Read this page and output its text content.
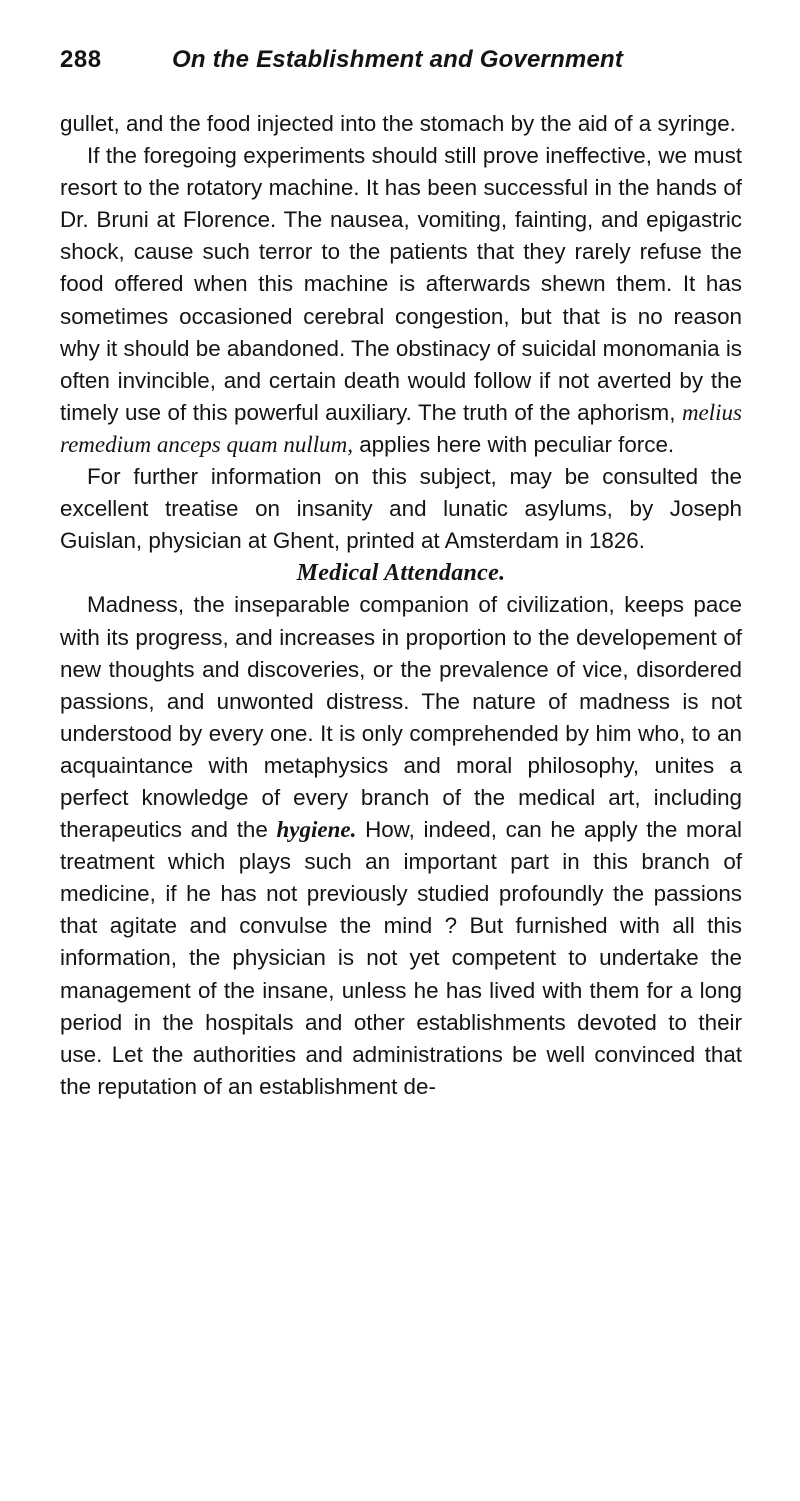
288	On the Establishment and Government

gullet, and the food injected into the stomach by the aid of a syringe.

If the foregoing experiments should still prove ineffective, we must resort to the rotatory machine. It has been successful in the hands of Dr. Bruni at Florence. The nausea, vomiting, fainting, and epigastric shock, cause such terror to the patients that they rarely refuse the food offered when this machine is afterwards shewn them. It has sometimes occasioned cerebral congestion, but that is no reason why it should be abandoned. The obstinacy of suicidal monomania is often invincible, and certain death would follow if not averted by the timely use of this powerful auxiliary. The truth of the aphorism, melius remedium anceps quam nullum, applies here with peculiar force.

For further information on this subject, may be consulted the excellent treatise on insanity and lunatic asylums, by Joseph Guislan, physician at Ghent, printed at Amsterdam in 1826.

Medical Attendance.

Madness, the inseparable companion of civilization, keeps pace with its progress, and increases in proportion to the developement of new thoughts and discoveries, or the prevalence of vice, disordered passions, and unwonted distress. The nature of madness is not understood by every one. It is only comprehended by him who, to an acquaintance with metaphysics and moral philosophy, unites a perfect knowledge of every branch of the medical art, including therapeutics and the hygiene. How, indeed, can he apply the moral treatment which plays such an important part in this branch of medicine, if he has not previously studied profoundly the passions that agitate and convulse the mind ? But furnished with all this information, the physician is not yet competent to undertake the management of the insane, unless he has lived with them for a long period in the hospitals and other establishments devoted to their use. Let the authorities and administrations be well convinced that the reputation of an establishment de-
